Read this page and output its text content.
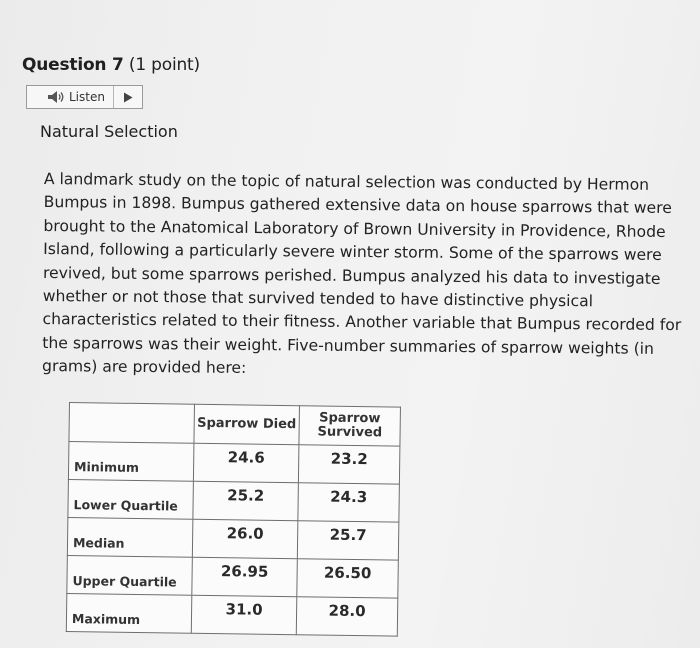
Question 7 (1 point)
Listen
Natural Selection
A landmark study on the topic of natural selection was conducted by Hermon
Bumpus in 1898. Bumpus gathered extensive data on house sparrows that were
brought to the Anatomical Laboratory of Brown University in Providence, Rhode
Island, following a particularly severe winter storm. Some of the sparrows were
revived, but some sparrows perished. Bumpus analyzed his data to investigate
whether or not those that survived tended to have distinctive physical
characteristics related to their fitness. Another variable that Bumpus recorded for
the sparrows was their weight. Five-number summaries of sparrow weights (in
grams) are provided here:
	Sparrow Died	Sparrow Survived

Minimum	24.6	23.2

Lower Quartile	25.2	24.3

Median	26.0	25.7

Upper Quartile	26.95	26.50

Maximum	31.0	28.0
